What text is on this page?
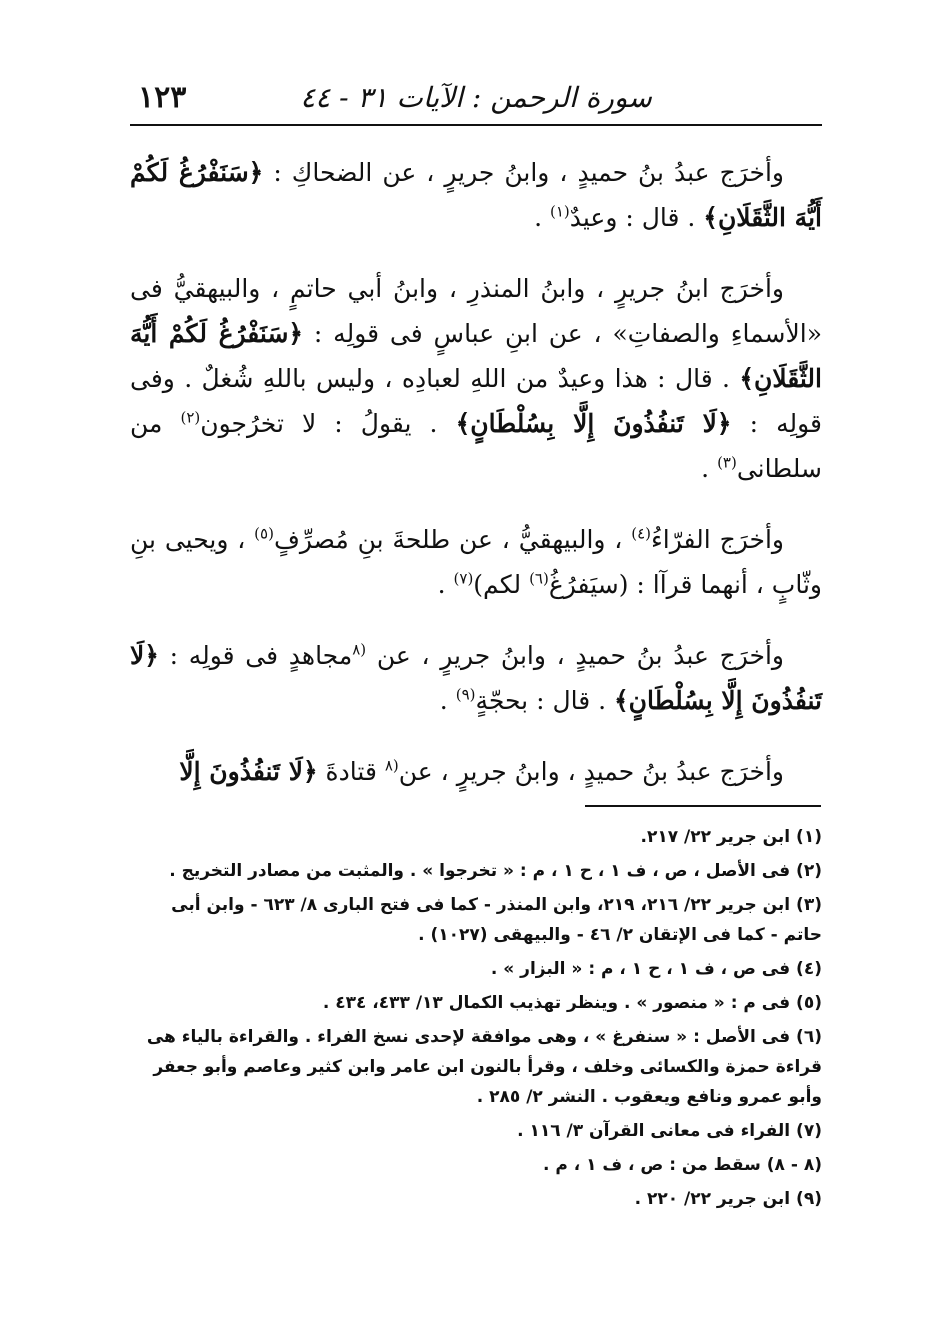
سورة الرحمن : الآيات ٣١ - ٤٤
١٢٣

وأخرَج عبدُ بنُ حميدٍ ، وابنُ جريرٍ ، عن الضحاكِ : ﴿سَنَفْرُغُ لَكُمْ أَيُّهَ الثَّقَلَانِ﴾ . قال : وعيدٌ$^{(١)}$ .

وأخرَج ابنُ جريرٍ ، وابنُ المنذرِ ، وابنُ أبي حاتمٍ ، والبيهقيُّ فى «الأسماءِ والصفاتِ» ، عن ابنِ عباسٍ فى قولِه : ﴿سَنَفْرُغُ لَكُمْ أَيُّهَ الثَّقَلَانِ﴾ . قال : هذا وعيدٌ من اللهِ لعبادِه ، وليس باللهِ شُغلٌ . وفى قولِه : ﴿لَا تَنفُذُونَ إِلَّا بِسُلْطَانٍ﴾ . يقولُ : لا تخرُجون$^{(٢)}$ من سلطانى$^{(٣)}$ .

وأخرَج الفرّاءُ$^{(٤)}$ ، والبيهقيُّ ، عن طلحةَ بنِ مُصرِّفٍ$^{(٥)}$ ، ويحيى بنِ وثّابٍ ، أنهما قرآا : (سيَفرُغُ$^{(٦)}$ لكم)$^{(٧)}$ .

وأخرَج عبدُ بنُ حميدٍ ، وابنُ جريرٍ ، عن $^{(٨}$مجاهدٍ فى قولِه : ﴿لَا تَنفُذُونَ إِلَّا بِسُلْطَانٍ﴾ . قال : بحجّةٍ$^{(٩)}$ .

وأخرَج عبدُ بنُ حميدٍ ، وابنُ جريرٍ ، عن$^{(٨}$ قتادةَ ﴿لَا تَنفُذُونَ إِلَّا

(١) ابن جرير ٢٢/ ٢١٧.

(٢) فى الأصل ، ص ، ف ١ ، ح ١ ، م : « تخرجوا » . والمثبت من مصادر التخريج .

(٣) ابن جرير ٢٢/ ٢١٦، ٢١٩، وابن المنذر - كما فى فتح البارى ٨/ ٦٢٣ - وابن أبى حاتم - كما فى الإتقان ٢/ ٤٦ - والبيهقى (١٠٢٧) .

(٤) فى ص ، ف ١ ، ح ١ ، م : « البزار » .

(٥) فى م : « منصور » . وينظر تهذيب الكمال ١٣/ ٤٣٣، ٤٣٤ .

(٦) فى الأصل : « سنفرغ » ، وهى موافقة لإحدى نسخ الفراء . والقراءة بالياء هى قراءة حمزة والكسائى وخلف ، وقرأ بالنون ابن عامر وابن كثير وعاصم وأبو جعفر وأبو عمرو ونافع ويعقوب . النشر ٢/ ٢٨٥ .

(٧) الفراء فى معانى القرآن ٣/ ١١٦ .

(٨ - ٨) سقط من : ص ، ف ١ ، م .

(٩) ابن جرير ٢٢/ ٢٢٠ .
